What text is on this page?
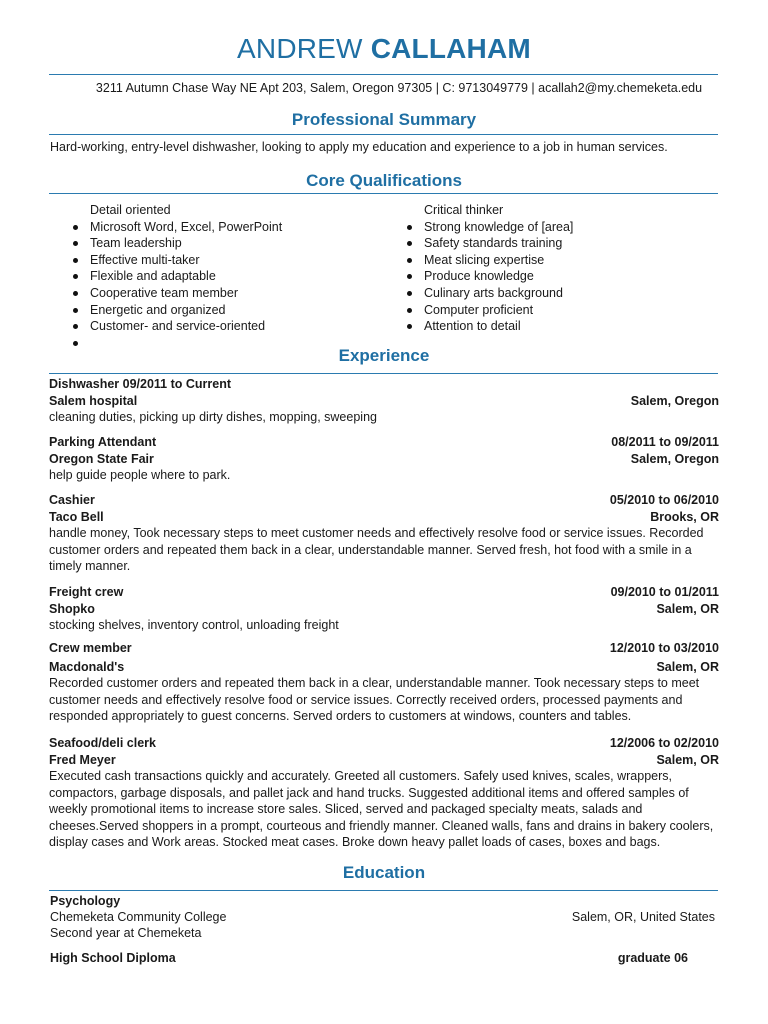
ANDREW CALLAHAM
3211 Autumn Chase Way NE Apt 203, Salem, Oregon 97305 | C: 9713049779 | acallah2@my.chemeketa.edu
Professional Summary
Hard-working, entry-level dishwasher, looking to apply my education and experience to a job in human services.
Core Qualifications
Detail oriented
Microsoft Word, Excel, PowerPoint
Team leadership
Effective multi-taker
Flexible and adaptable
Cooperative team member
Energetic and organized
Customer- and service-oriented
Critical thinker
Strong knowledge of [area]
Safety standards training
Meat slicing expertise
Produce knowledge
Culinary arts background
Computer proficient
Attention to detail
Experience
Dishwasher 09/2011 to Current
Salem hospital	Salem, Oregon
cleaning duties, picking up dirty dishes, mopping, sweeping
Parking Attendant	08/2011 to 09/2011
Oregon State Fair	Salem, Oregon
help guide people where to park.
Cashier	05/2010 to 06/2010
Taco Bell	Brooks, OR
handle money, Took necessary steps to meet customer needs and effectively resolve food or service issues. Recorded customer orders and repeated them back in a clear, understandable manner. Served fresh, hot food with a smile in a timely manner.
Freight crew	09/2010 to 01/2011
Shopko	Salem, OR
stocking shelves, inventory control, unloading freight
Crew member	12/2010 to 03/2010
Macdonald's	Salem, OR
Recorded customer orders and repeated them back in a clear, understandable manner. Took necessary steps to meet customer needs and effectively resolve food or service issues. Correctly received orders, processed payments and responded appropriately to guest concerns. Served orders to customers at windows, counters and tables.
Seafood/deli clerk	12/2006 to 02/2010
Fred Meyer	Salem, OR
Executed cash transactions quickly and accurately. Greeted all customers. Safely used knives, scales, wrappers, compactors, garbage disposals, and pallet jack and hand trucks. Suggested additional items and offered samples of weekly promotional items to increase store sales. Sliced, served and packaged specialty meats, salads and cheeses.Served shoppers in a prompt, courteous and friendly manner. Cleaned walls, fans and drains in bakery coolers, display cases and Work areas. Stocked meat cases. Broke down heavy pallet loads of cases, boxes and bags.
Education
Psychology
Chemeketa Community College	Salem, OR, United States
Second year at Chemeketa
High School Diploma	graduate 06
